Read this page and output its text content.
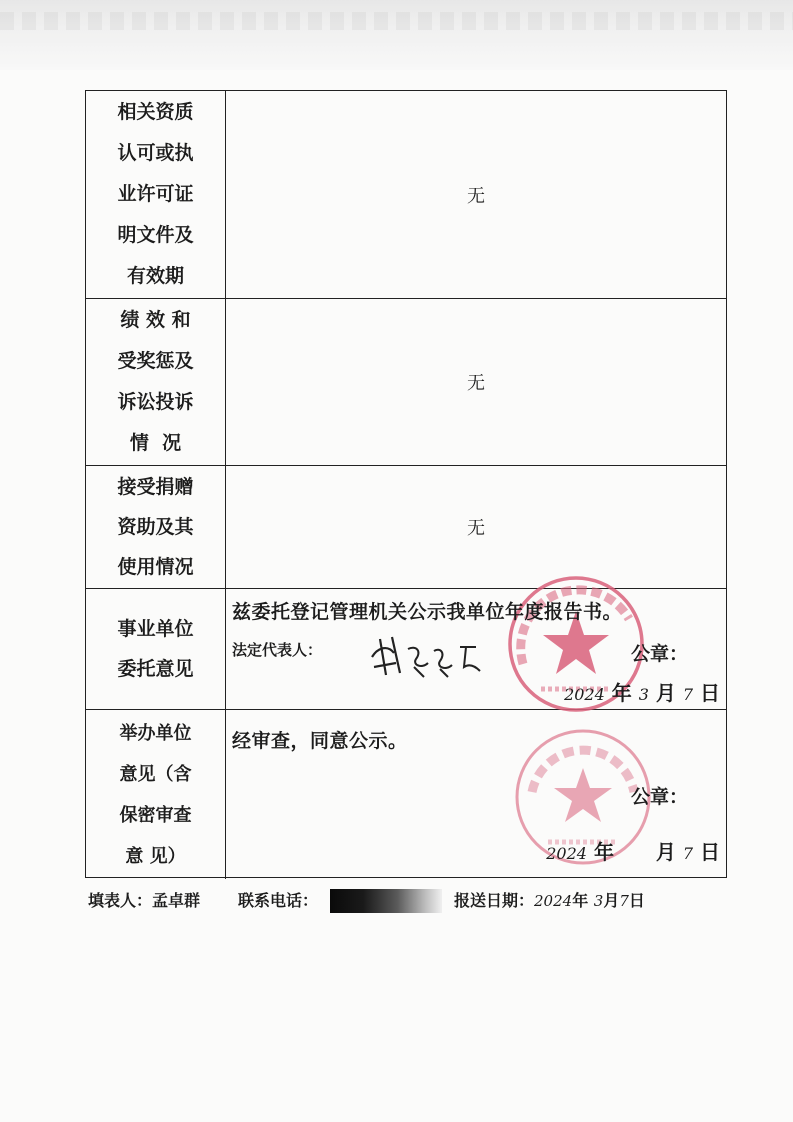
相关资质
认可或执
业许可证
明文件及
有效期
无
绩 效 和
受奖惩及
诉讼投诉
情  况
无
接受捐赠
资助及其
使用情况
无
事业单位
委托意见
兹委托登记管理机关公示我单位年度报告书。
法定代表人：	公章：
2024 年 3 月 7 日
举办单位
意见（含
保密审查
意 见）
经审查，同意公示。
公章：
2024 年 月 7 日
填表人：孟卓群 联系电话：	报送日期：2024年 3月7日
